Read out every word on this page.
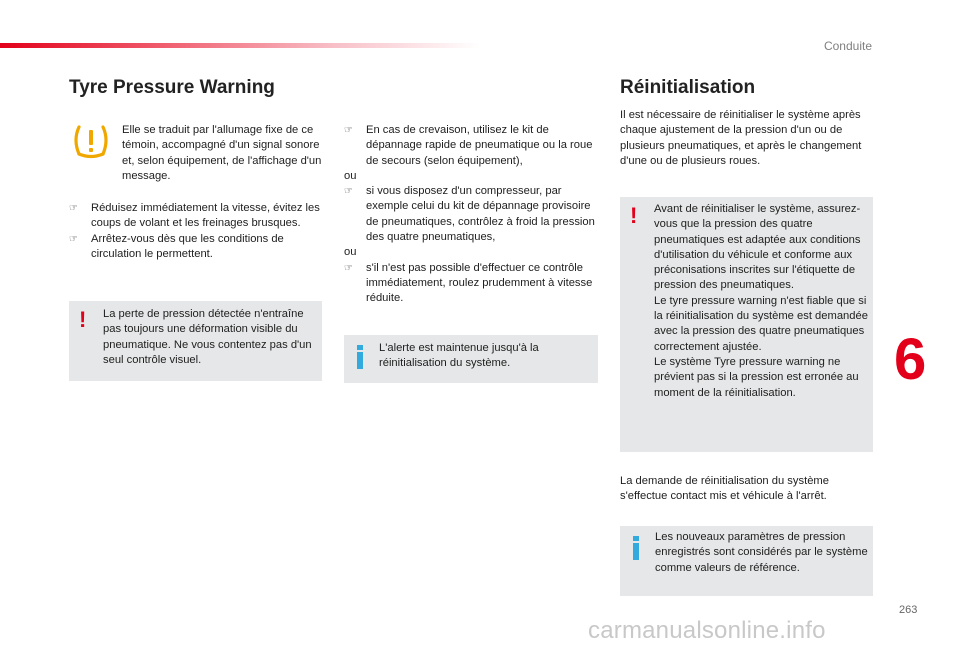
Conduite
Tyre Pressure Warning
Elle se traduit par l'allumage fixe de ce témoin, accompagné d'un signal sonore et, selon équipement, de l'affichage d'un message.
☞ Réduisez immédiatement la vitesse, évitez les coups de volant et les freinages brusques.
☞ Arrêtez-vous dès que les conditions de circulation le permettent.
! La perte de pression détectée n'entraîne pas toujours une déformation visible du pneumatique. Ne vous contentez pas d'un seul contrôle visuel.
☞ En cas de crevaison, utilisez le kit de dépannage rapide de pneumatique ou la roue de secours (selon équipement),

ou

☞ si vous disposez d'un compresseur, par exemple celui du kit de dépannage provisoire de pneumatiques, contrôlez à froid la pression des quatre pneumatiques,

ou

☞ s'il n'est pas possible d'effectuer ce contrôle immédiatement, roulez prudemment à vitesse réduite.
L'alerte est maintenue jusqu'à la réinitialisation du système.
Réinitialisation
Il est nécessaire de réinitialiser le système après chaque ajustement de la pression d'un ou de plusieurs pneumatiques, et après le changement d'une ou de plusieurs roues.
! Avant de réinitialiser le système, assurez-vous que la pression des quatre pneumatiques est adaptée aux conditions d'utilisation du véhicule et conforme aux préconisations inscrites sur l'étiquette de pression des pneumatiques.

Le tyre pressure warning n'est fiable que si la réinitialisation du système est demandée avec la pression des quatre pneumatiques correctement ajustée.

Le système Tyre pressure warning ne prévient pas si la pression est erronée au moment de la réinitialisation.

La demande de réinitialisation du système s'effectue contact mis et véhicule à l'arrêt.
Les nouveaux paramètres de pression enregistrés sont considérés par le système comme valeurs de référence.
6
263
carmanualsonline.info
